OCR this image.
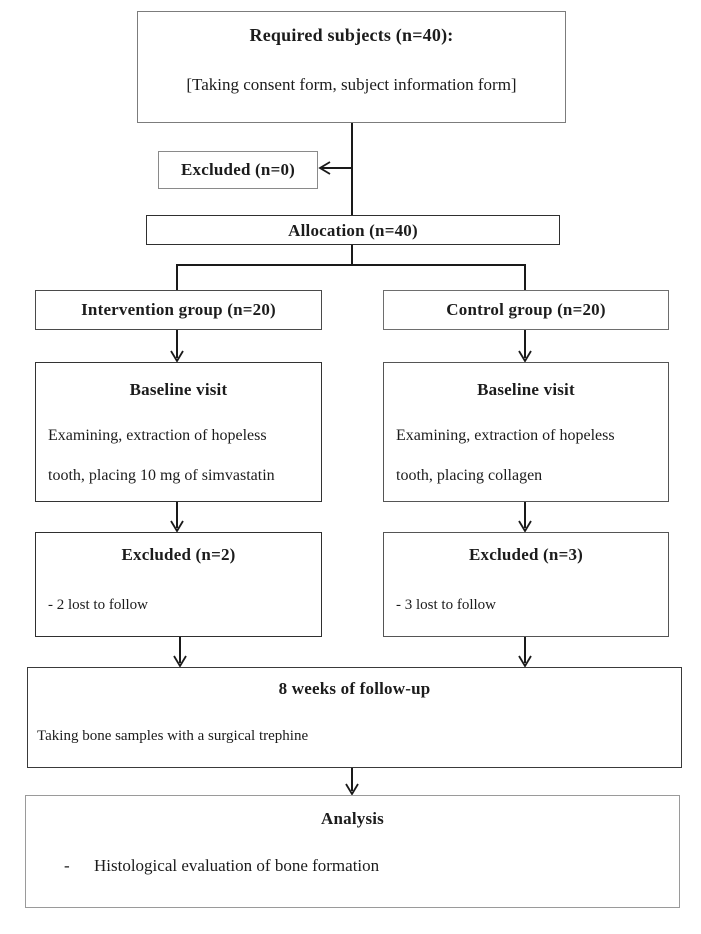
Required subjects (n=40):

[Taking consent form, subject information form]

Excluded (n=0)

Allocation (n=40)

Intervention group (n=20)	Control group (n=20)

Baseline visit

Examining, extraction of hopeless

tooth, placing 10 mg of simvastatin

Baseline visit

Examining, extraction of hopeless

tooth, placing collagen

Excluded (n=2)

- 2 lost to follow

Excluded (n=3)

- 3 lost to follow

8 weeks of follow-up

Taking bone samples with a surgical trephine

Analysis

-	Histological evaluation of bone formation
